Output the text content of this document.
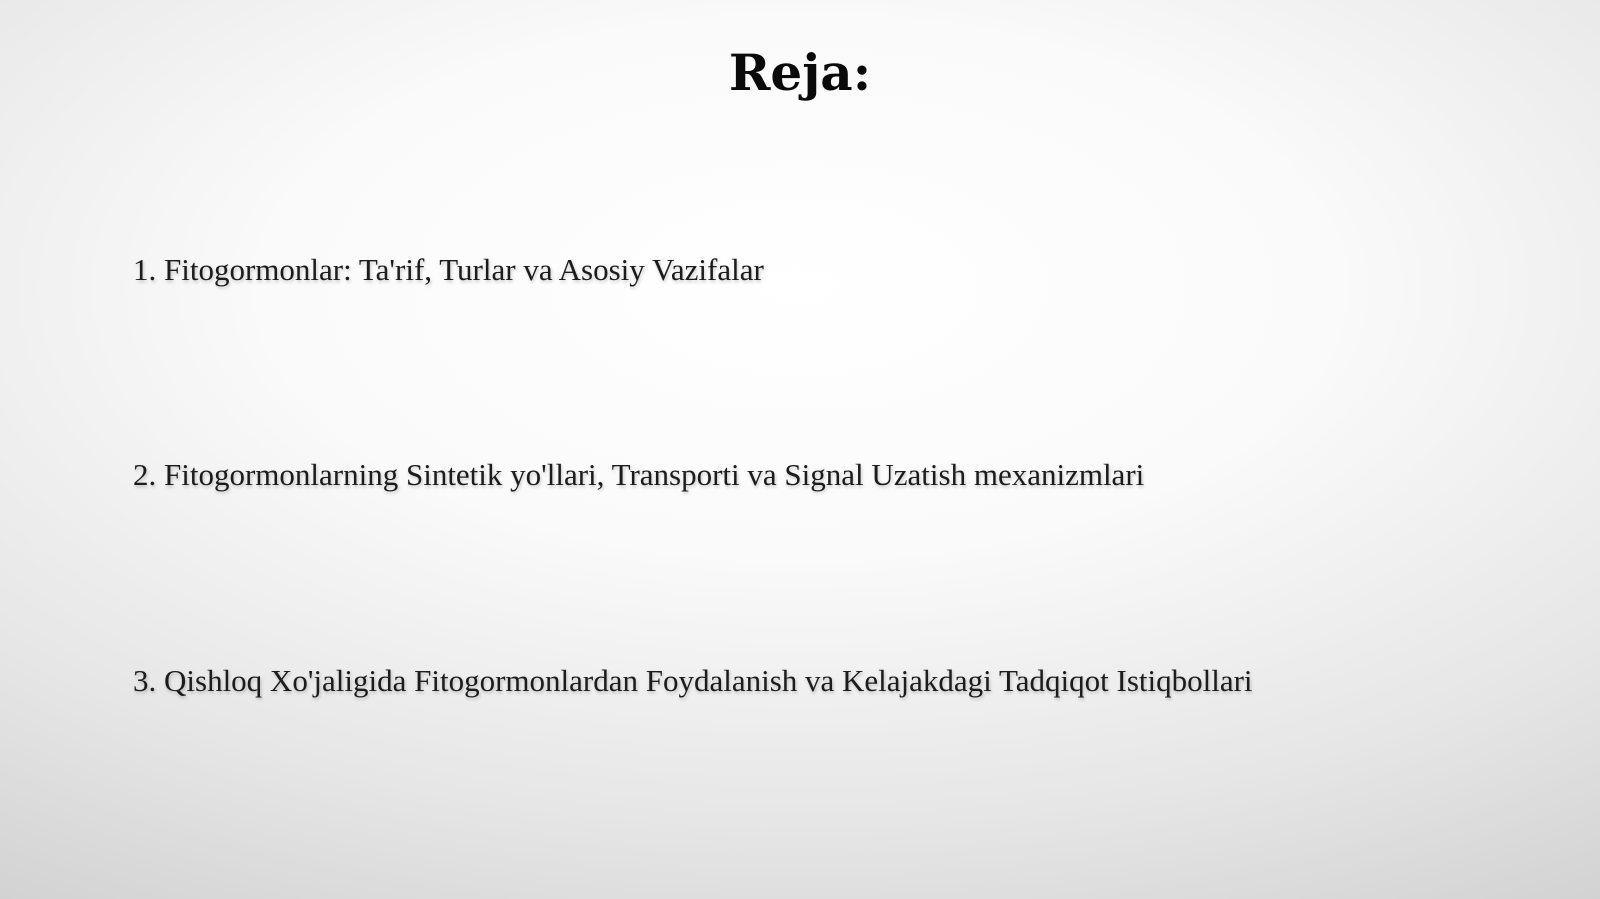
Reja:
1. Fitogormonlar: Ta'rif, Turlar va Asosiy Vazifalar
2. Fitogormonlarning Sintetik yo'llari, Transporti va Signal Uzatish mexanizmlari
3. Qishloq Xo'jaligida Fitogormonlardan Foydalanish va Kelajakdagi Tadqiqot Istiqbollari
